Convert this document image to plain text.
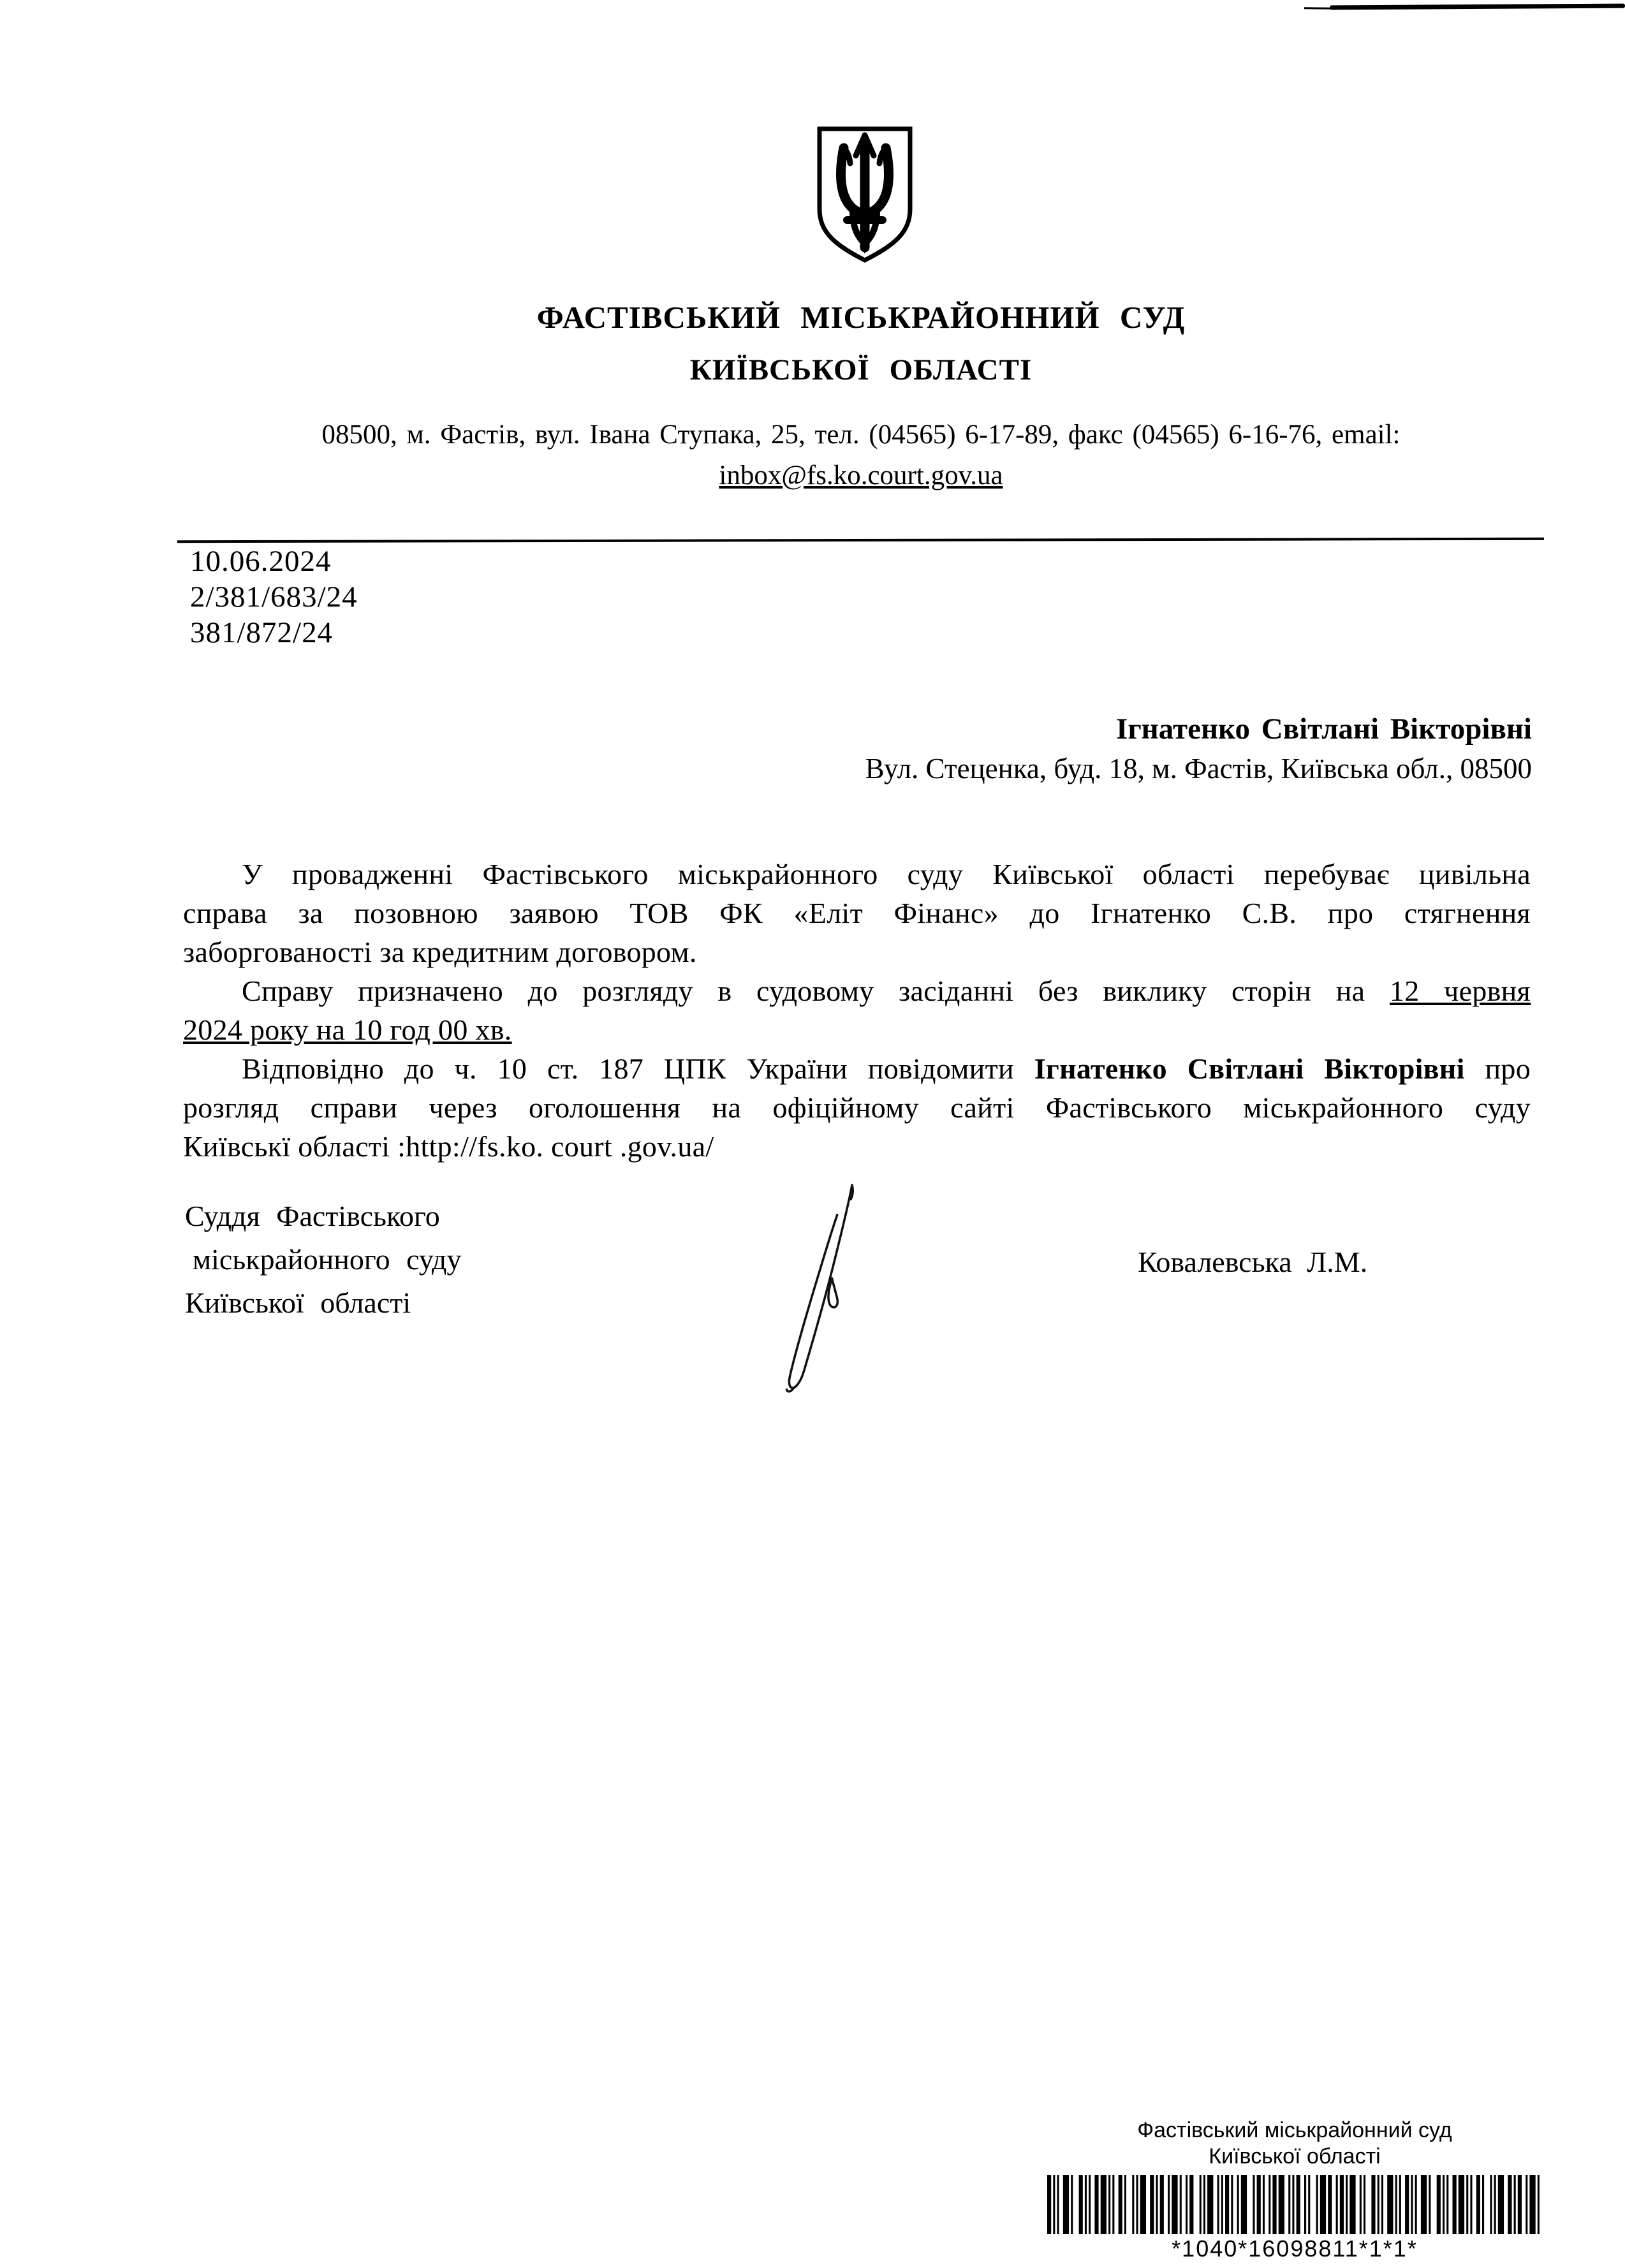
ФАСТІВСЬКИЙ МІСЬКРАЙОННИЙ СУД
КИЇВСЬКОЇ ОБЛАСТІ
08500, м. Фастів, вул. Івана Ступака, 25, тел. (04565) 6-17-89, факс (04565) 6-16-76, email:
inbox@fs.ko.court.gov.ua
10.06.2024
2/381/683/24
381/872/24
Ігнатенко Світлані Вікторівні
Вул. Стеценка, буд. 18, м. Фастів, Київська обл., 08500

У провадженні Фастівського міськрайонного суду Київської області перебуває цивільна
справа за позовною заявою ТОВ ФК «Еліт Фінанс» до Ігнатенко С.В. про стягнення
заборгованості за кредитним договором.

Справу призначено до розгляду в судовому засіданні без виклику сторін на 12 червня
2024 року на 10 год 00 хв.

Відповідно до ч. 10 ст. 187 ЦПК України повідомити Ігнатенко Світлані Вікторівні про
розгляд справи через оголошення на офіційному сайті Фастівського міськрайонного суду
Київськї області :http://fs.ko. court .gov.ua/

Суддя Фастівського
міськрайонного суду
Київської області
Ковалевська Л.М.
Фастівський міськрайонний суд
Київської області
*1040*16098811*1*1*
